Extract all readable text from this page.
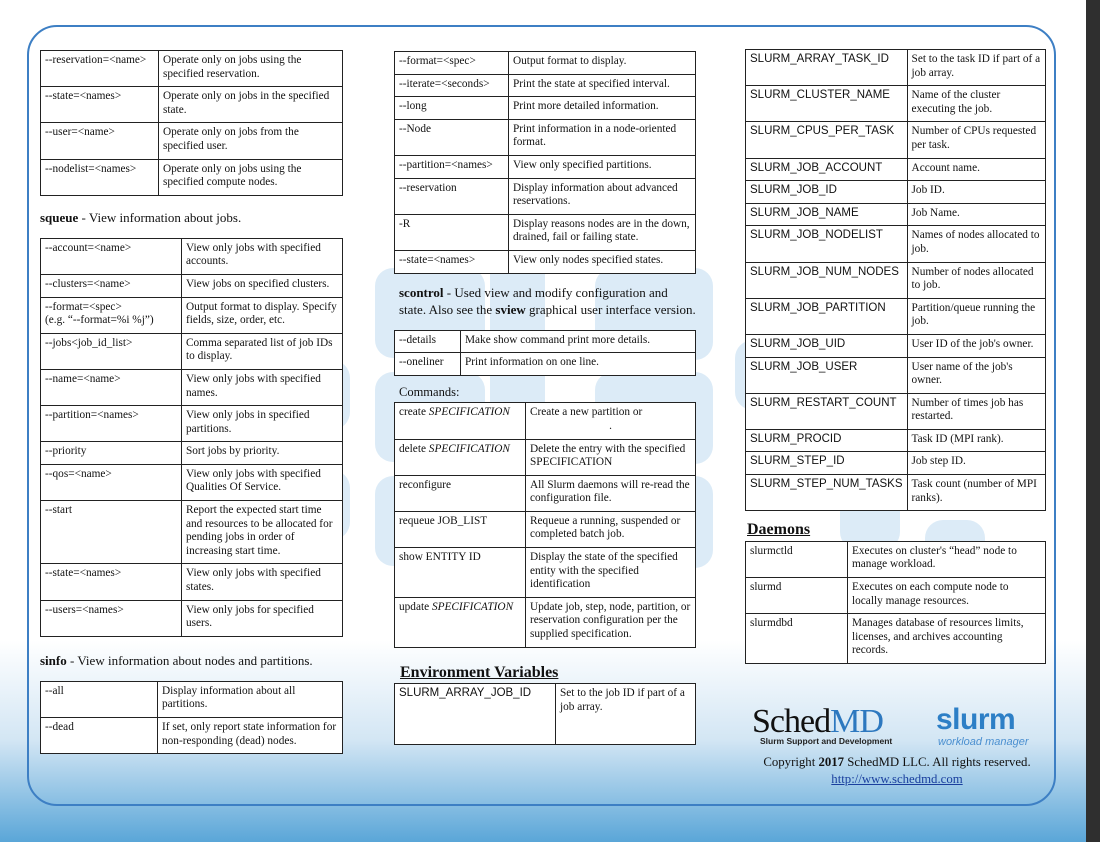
--reservation=<name>	Operate only on jobs using the specified reservation.
--state=<names>	Operate only on jobs in the specified state.
--user=<name>	Operate only on jobs from the specified user.
--nodelist=<names>	Operate only on jobs using the specified compute nodes.
squeue - View information about jobs.
--account=<name>	View only jobs with specified accounts.
--clusters=<name>	View jobs on specified clusters.
--format=<spec>
(e.g. “--format=%i %j”)	Output format to display. Specify fields, size, order, etc.
--jobs<job_id_list>	Comma separated list of job IDs to display.
--name=<name>	View only jobs with specified names.
--partition=<names>	View only jobs in specified partitions.
--priority	Sort jobs by priority.
--qos=<name>	View only jobs with specified Qualities Of Service.
--start	Report the expected start time and resources to be allocated for pending jobs in order of increasing start time.
--state=<names>	View only jobs with specified states.
--users=<names>	View only jobs for specified users.
sinfo - View information about nodes and partitions.
--all	Display information about all partitions.
--dead	If set, only report state information for non-responding (dead) nodes.
--format=<spec>	Output format to display.
--iterate=<seconds>	Print the state at specified interval.
--long	Print more detailed information.
--Node	Print information in a node-oriented format.
--partition=<names>	View only specified partitions.
--reservation	Display information about advanced reservations.
-R	Display reasons nodes are in the down, drained, fail or failing state.
--state=<names>	View only nodes specified states.
scontrol - Used view and modify configuration and state. Also see the sview graphical user interface version.
--details	Make show command print more details.
--oneliner	Print information on one line.
Commands:
create SPECIFICATION	Create a new partition or
.

delete SPECIFICATION	Delete the entry with the specified SPECIFICATION
reconfigure	All Slurm daemons will re-read the configuration file.
requeue JOB_LIST	Requeue a running, suspended or completed batch job.
show ENTITY ID	Display the state of the specified entity with the specified identification
update SPECIFICATION	Update job, step, node, partition, or reservation configuration per the supplied specification.
Environment Variables
SLURM_ARRAY_JOB_ID	Set to the job ID if part of a job array.
SLURM_ARRAY_TASK_ID	Set to the task ID if part of a job array.
SLURM_CLUSTER_NAME	Name of the cluster executing the job.
SLURM_CPUS_PER_TASK	Number of CPUs requested per task.
SLURM_JOB_ACCOUNT	Account name.
SLURM_JOB_ID	Job ID.
SLURM_JOB_NAME	Job Name.
SLURM_JOB_NODELIST	Names of nodes allocated to job.
SLURM_JOB_NUM_NODES	Number of nodes allocated to job.
SLURM_JOB_PARTITION	Partition/queue running the job.
SLURM_JOB_UID	User ID of the job's owner.
SLURM_JOB_USER	User name of the job's owner.
SLURM_RESTART_COUNT	Number of times job has restarted.
SLURM_PROCID	Task ID (MPI rank).
SLURM_STEP_ID	Job step ID.
SLURM_STEP_NUM_TASKS	Task count (number of MPI ranks).
Daemons
slurmctld	Executes on cluster's “head” node to manage workload.
slurmd	Executes on each compute node to locally manage resources.
slurmdbd	Manages database of resources limits, licenses, and archives accounting records.
SchedMD
Slurm Support and Development
slurm
workload manager
Copyright 2017 SchedMD LLC. All rights reserved.
http://www.schedmd.com
